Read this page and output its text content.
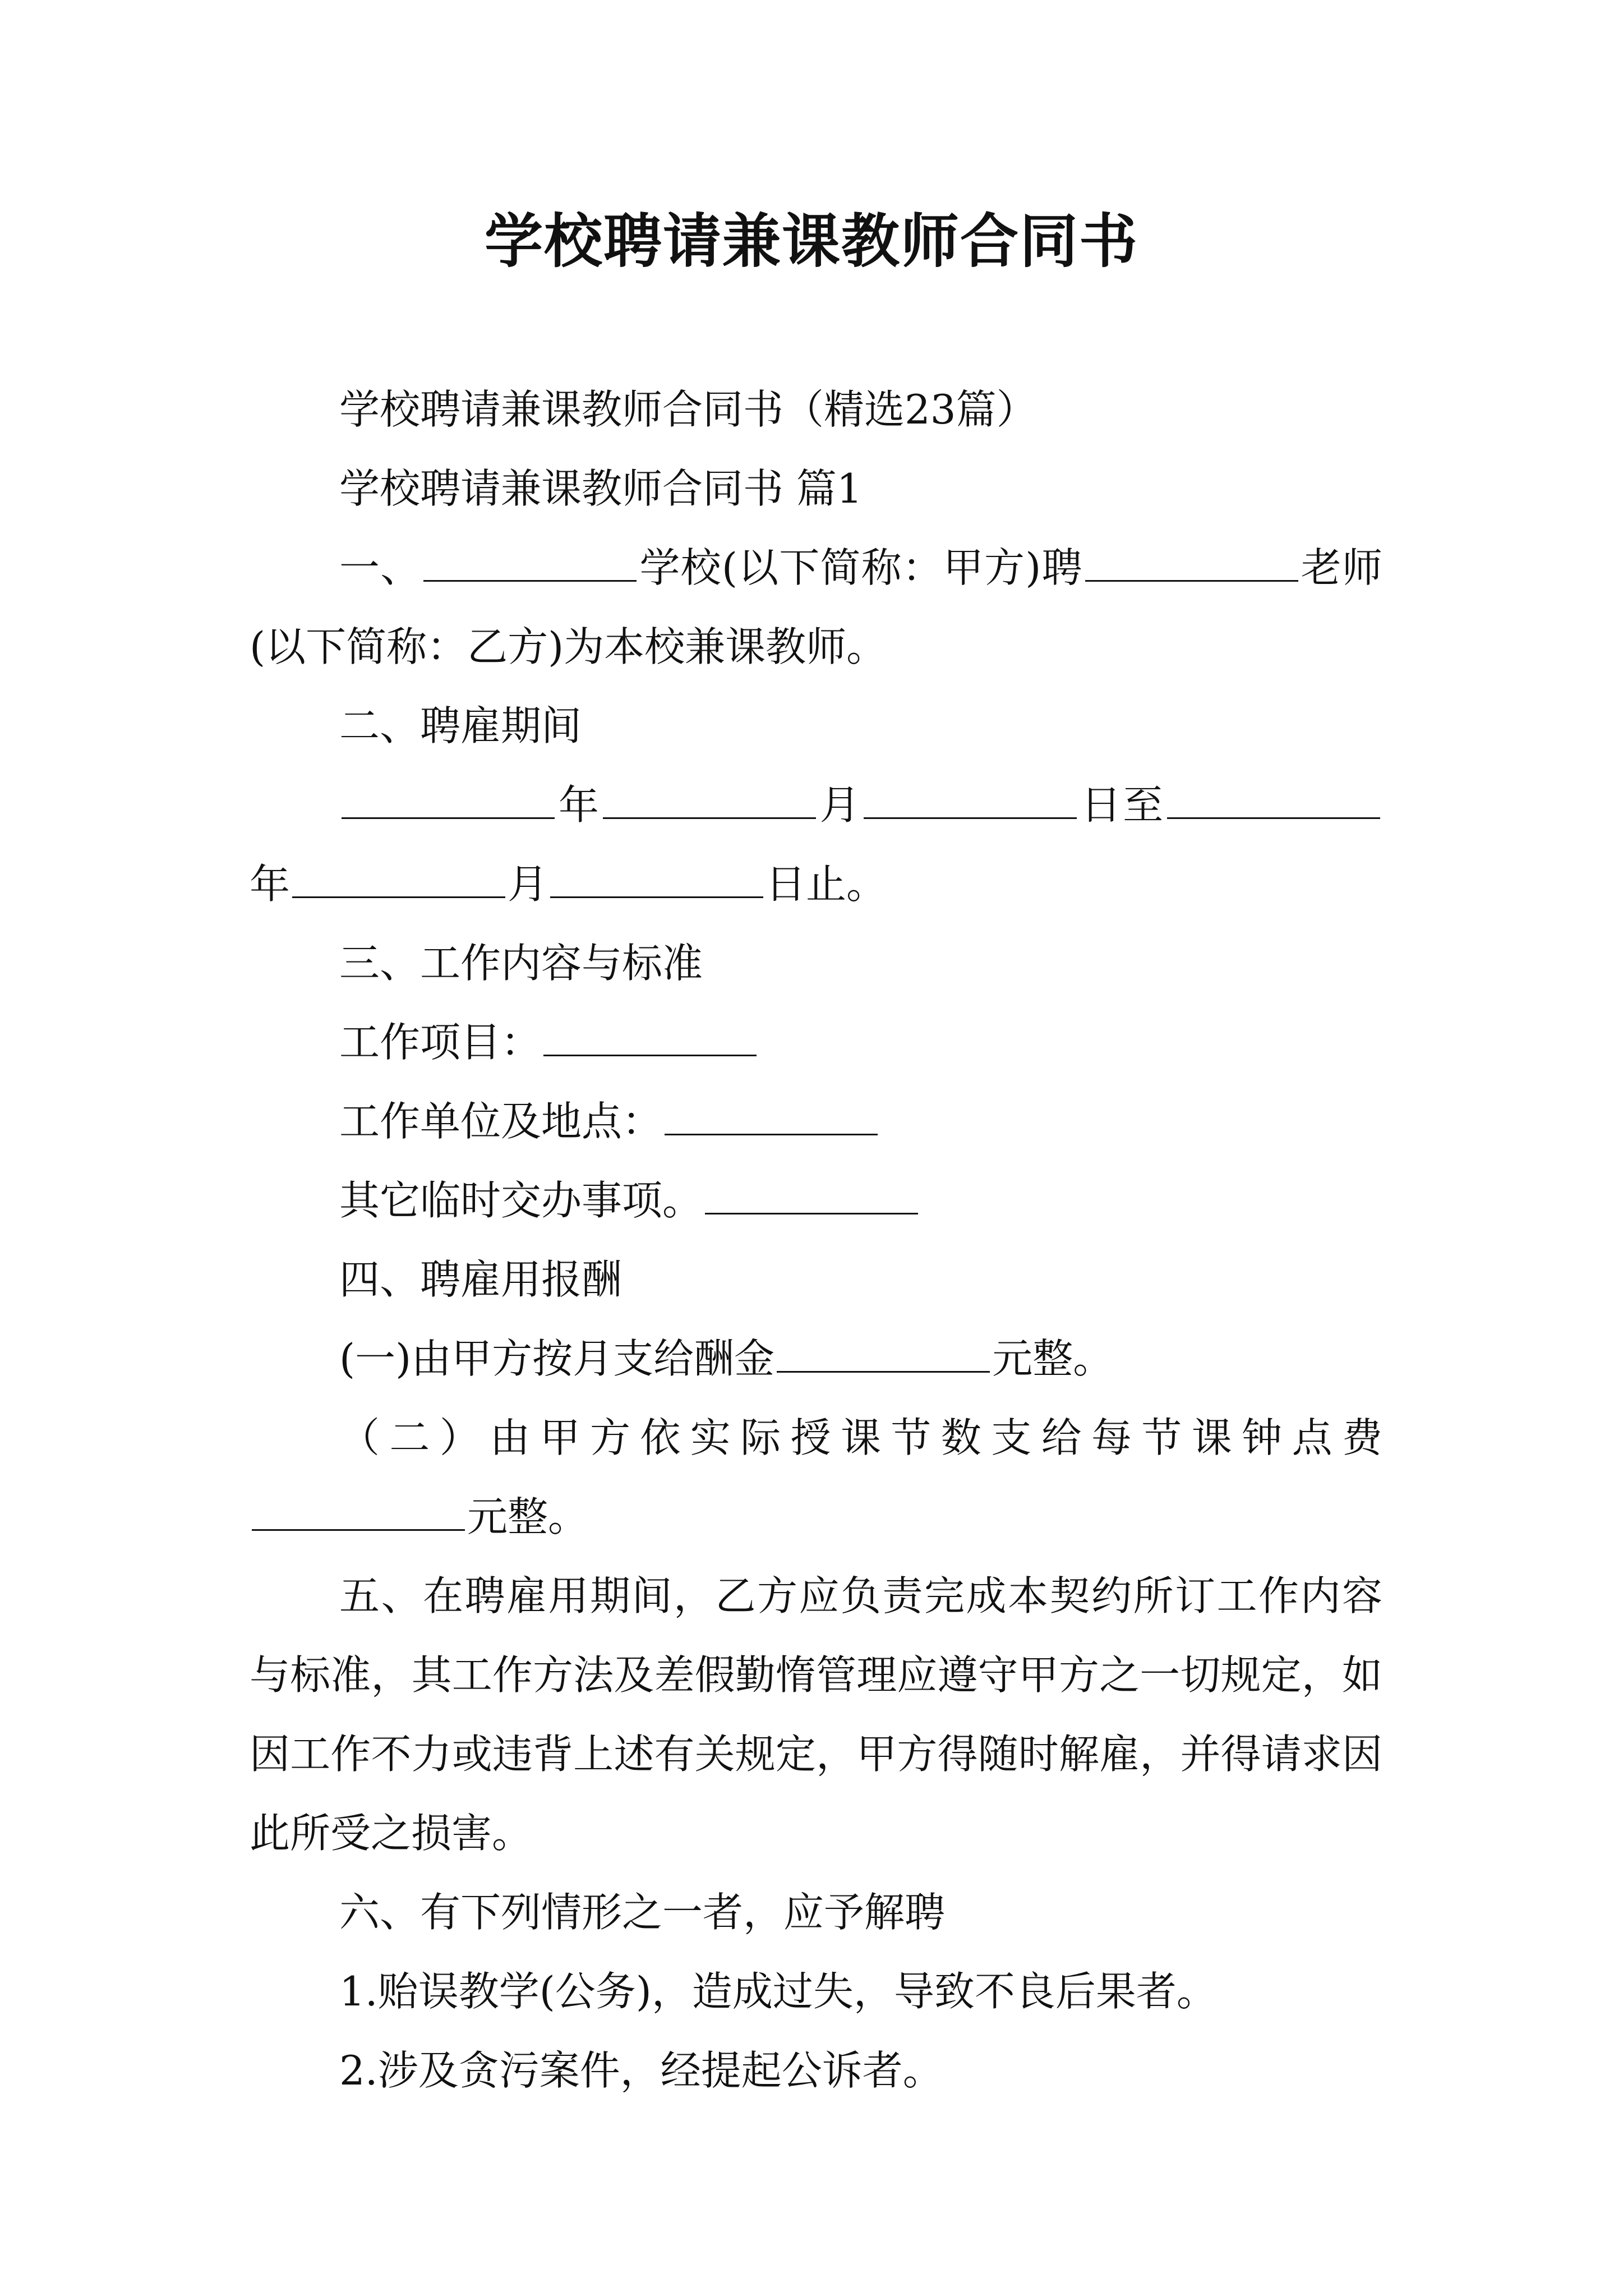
学校聘请兼课教师合同书

学校聘请兼课教师合同书（精选23篇）

学校聘请兼课教师合同书 篇1

一、	学校(以下简称：甲方)聘	老师(以下简称：乙方)为本校兼课教师。

二、聘雇期间

年	月	日至年	月	日止。

三、工作内容与标准

工作项目：

工作单位及地点：

其它临时交办事项。

四、聘雇用报酬

(一)由甲方按月支给酬金	元整。

（二）由甲方依实际授课节数支给每节课钟点费元整。

五、在聘雇用期间，乙方应负责完成本契约所订工作内容与标准，其工作方法及差假勤惰管理应遵守甲方之一切规定，如因工作不力或违背上述有关规定，甲方得随时解雇，并得请求因此所受之损害。

六、有下列情形之一者，应予解聘

1.贻误教学(公务)，造成过失，导致不良后果者。

2.涉及贪污案件，经提起公诉者。
